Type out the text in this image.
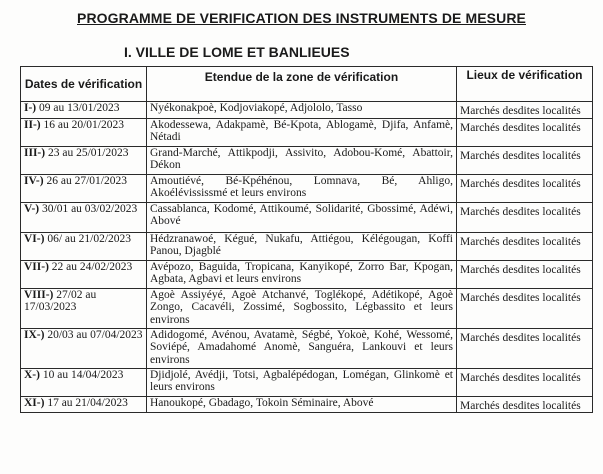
PROGRAMME DE VERIFICATION DES INSTRUMENTS DE MESURE
I. VILLE DE LOME ET BANLIEUES
Dates de vérification	Etendue de la zone de vérification	Lieux de vérification
I-) 09 au 13/01/2023	Nyékonakpoè, Kodjoviakopé, Adjololo, Tasso	Marchés desdites localités
II-) 16 au 20/01/2023	Akodessewa, Adakpamè, Bé-Kpota, Ablogamè, Djifa, Anfamè, Nétadi	Marchés desdites localités
III-) 23 au 25/01/2023	Grand-Marché, Attikpodji, Assivito, Adobou-Komé, Abattoir, Dékon	Marchés desdites localités
IV-) 26 au 27/01/2023	Amoutiévé, Bé-Kpéhénou, Lomnava, Bé, Ahligo, Akoélévississmé et leurs environs	Marchés desdites localités
V-) 30/01 au 03/02/2023	Cassablanca, Kodomé, Attikoumé, Solidarité, Gbossimé, Adéwi, Abové	Marchés desdites localités
VI-) 06/ au 21/02/2023	Hédzranawoé, Kégué, Nukafu, Attiégou, Kélégougan, Koffi Panou, Djagblé	Marchés desdites localités
VII-) 22 au 24/02/2023	Avépozo, Baguida, Tropicana, Kanyikopé, Zorro Bar, Kpogan, Agbata, Agbavi et leurs environs	Marchés desdites localités
VIII-) 27/02 au 17/03/2023	Agoè Assiyéyé, Agoè Atchanvé, Toglékopé, Adétikopé, Agoè Zongo, Cacavéli, Zossimé, Sogbossito, Légbassito et leurs environs	Marchés desdites localités
IX-) 20/03 au 07/04/2023	Adidogomé, Avénou, Avatamè, Ségbé, Yokoè, Kohé, Wessomé, Soviépé, Amadahomé Anomè, Sanguéra, Lankouvi et leurs environs	Marchés desdites localités
X-) 10 au 14/04/2023	Djidjolé, Avédji, Totsi, Agbalépédogan, Lomégan, Glinkomè et leurs environs	Marchés desdites localités
XI-) 17 au 21/04/2023	Hanoukopé, Gbadago, Tokoin Séminaire, Abové	Marchés desdites localités
